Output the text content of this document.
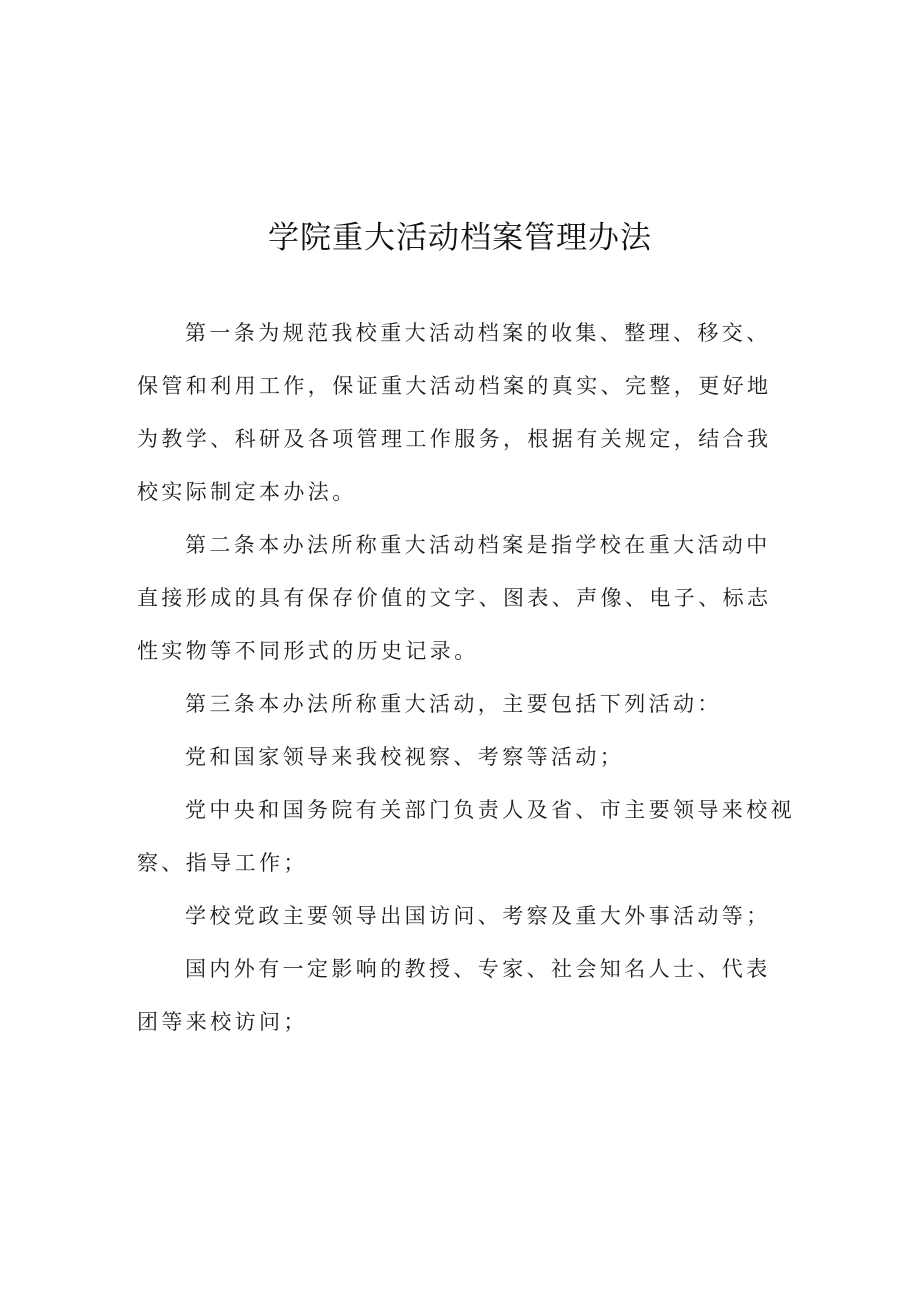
学院重大活动档案管理办法

第一条为规范我校重大活动档案的收集、整理、移交、保管和利用工作，保证重大活动档案的真实、完整，更好地为教学、科研及各项管理工作服务，根据有关规定，结合我校实际制定本办法。

第二条本办法所称重大活动档案是指学校在重大活动中直接形成的具有保存价值的文字、图表、声像、电子、标志性实物等不同形式的历史记录。

第三条本办法所称重大活动，主要包括下列活动：

党和国家领导来我校视察、考察等活动；

党中央和国务院有关部门负责人及省、市主要领导来校视察、指导工作；

学校党政主要领导出国访问、考察及重大外事活动等；

国内外有一定影响的教授、专家、社会知名人士、代表团等来校访问；
